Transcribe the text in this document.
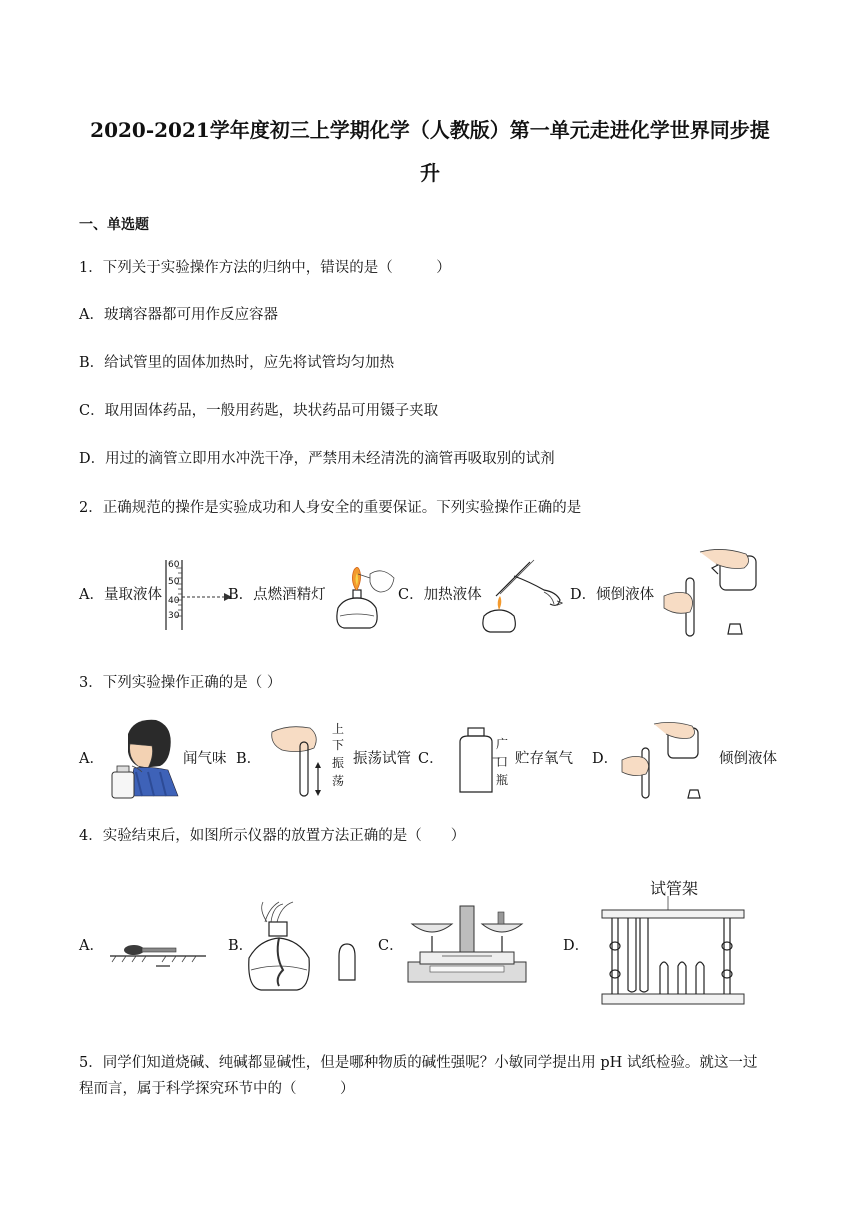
2020-2021学年度初三上学期化学（人教版）第一单元走进化学世界同步提
升
一、单选题
1．下列关于实验操作方法的归纳中，错误的是（　　　）
A．玻璃容器都可用作反应容器
B．给试管里的固体加热时，应先将试管均匀加热
C．取用固体药品，一般用药匙，块状药品可用镊子夹取
D．用过的滴管立即用水冲洗干净，严禁用未经清洗的滴管再吸取别的试剂
2．正确规范的操作是实验成功和人身安全的重要保证。下列实验操作正确的是
A．量取液体
60
50
40
30
B．点燃酒精灯	C．加热液体
>
D．倾倒液体
3．下列实验操作正确的是（ ）
A．	闻气味 B．
上
下
振
荡
振荡试管 C．
广
口
瓶
贮存氧气 D．	倾倒液体
4．实验结束后，如图所示仪器的放置方法正确的是（　　）
A．	B．	C．	D．
试管架
5．同学们知道烧碱、纯碱都显碱性，但是哪种物质的碱性强呢？小敏同学提出用 pH 试纸检验。就这一过
程而言，属于科学探究环节中的（　　　）
